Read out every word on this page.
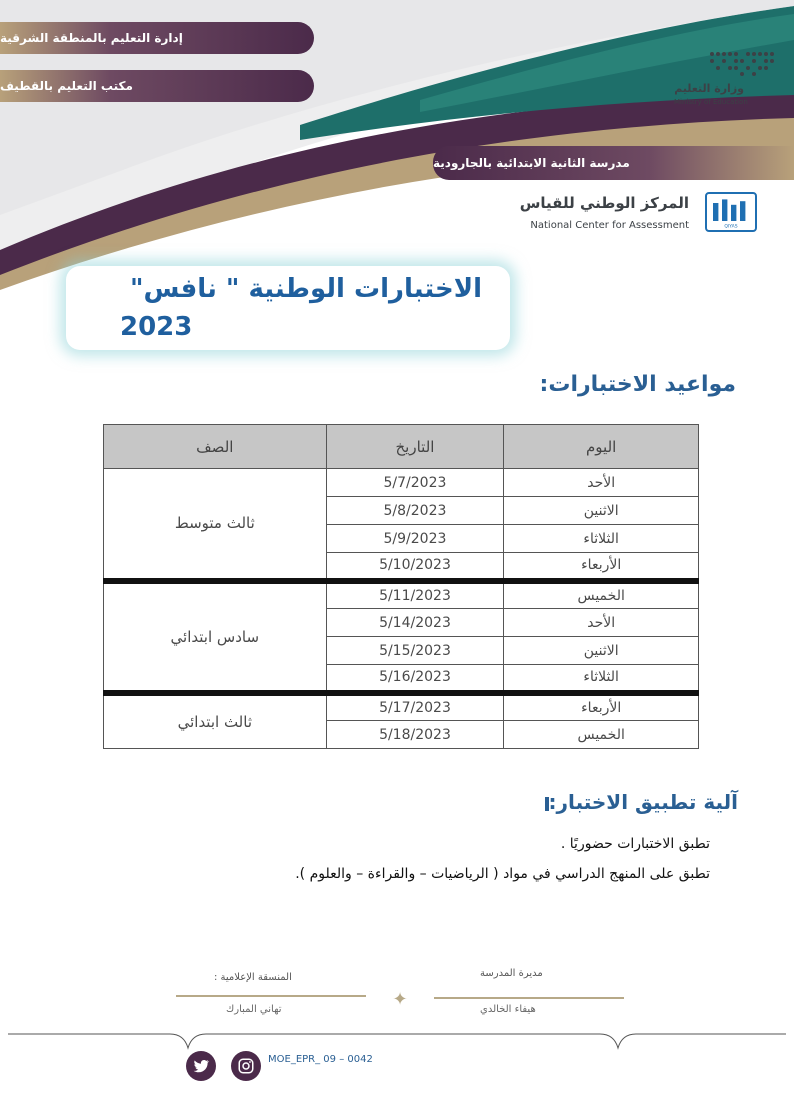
إدارة التعليم بالمنطقة الشرقية
مكتب التعليم بالقطيف
مدرسة الثانية الابتدائية بالجارودية
وزارة التعليم
Ministry of Education
QIYAS
المركز الوطني للقياس
National Center for Assessment
الاختبارات الوطنية " نافس"
2023
مواعيد الاختبارات:
اليوم	التاريخ	الصف
الأحد	5/7/2023	ثالث متوسط
الاثنين	5/8/2023	
الثلاثاء	5/9/2023	
الأربعاء	5/10/2023	
الخميس	5/11/2023	سادس ابتدائي
الأحد	5/14/2023	
الاثنين	5/15/2023	
الثلاثاء	5/16/2023	
الأربعاء	5/17/2023	ثالث ابتدائي
الخميس	5/18/2023	
آلية تطبيق الاختبار:
تطبق الاختبارات حضوريًا .
تطبق على المنهج الدراسي في مواد ( الرياضيات – والقراءة – والعلوم ).
مديرة المدرسة
هيفاء الخالدي
المنسقة الإعلامية :
تهاني المبارك	✦
MOE_EPR_ 09 – 0042
